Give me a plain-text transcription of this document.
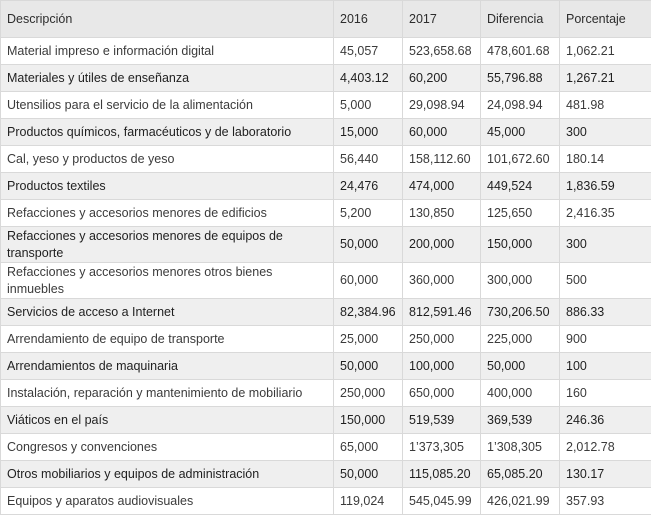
Descripción	2016	2017	Diferencia	Porcentaje
Material impreso e información digital	45,057	523,658.68	478,601.68	1,062.21
Materiales y útiles de enseñanza	4,403.12	60,200	55,796.88	1,267.21
Utensilios para el servicio de la alimentación	5,000	29,098.94	24,098.94	481.98
Productos químicos, farmacéuticos y de laboratorio	15,000	60,000	45,000	300
Cal, yeso y productos de yeso	56,440	158,112.60	101,672.60	180.14
Productos textiles	24,476	474,000	449,524	1,836.59
Refacciones y accesorios menores de edificios	5,200	130,850	125,650	2,416.35
Refacciones y accesorios menores de equipos de transporte	50,000	200,000	150,000	300
Refacciones y accesorios menores otros bienes inmuebles	60,000	360,000	300,000	500
Servicios de acceso a Internet	82,384.96	812,591.46	730,206.50	886.33
Arrendamiento de equipo de transporte	25,000	250,000	225,000	900
Arrendamientos de maquinaria	50,000	100,000	50,000	100
Instalación, reparación y mantenimiento de mobiliario	250,000	650,000	400,000	160
Viáticos en el país	150,000	519,539	369,539	246.36
Congresos y convenciones	65,000	1’373,305	1’308,305	2,012.78
Otros mobiliarios y equipos de administración	50,000	115,085.20	65,085.20	130.17
Equipos y aparatos audiovisuales	119,024	545,045.99	426,021.99	357.93
